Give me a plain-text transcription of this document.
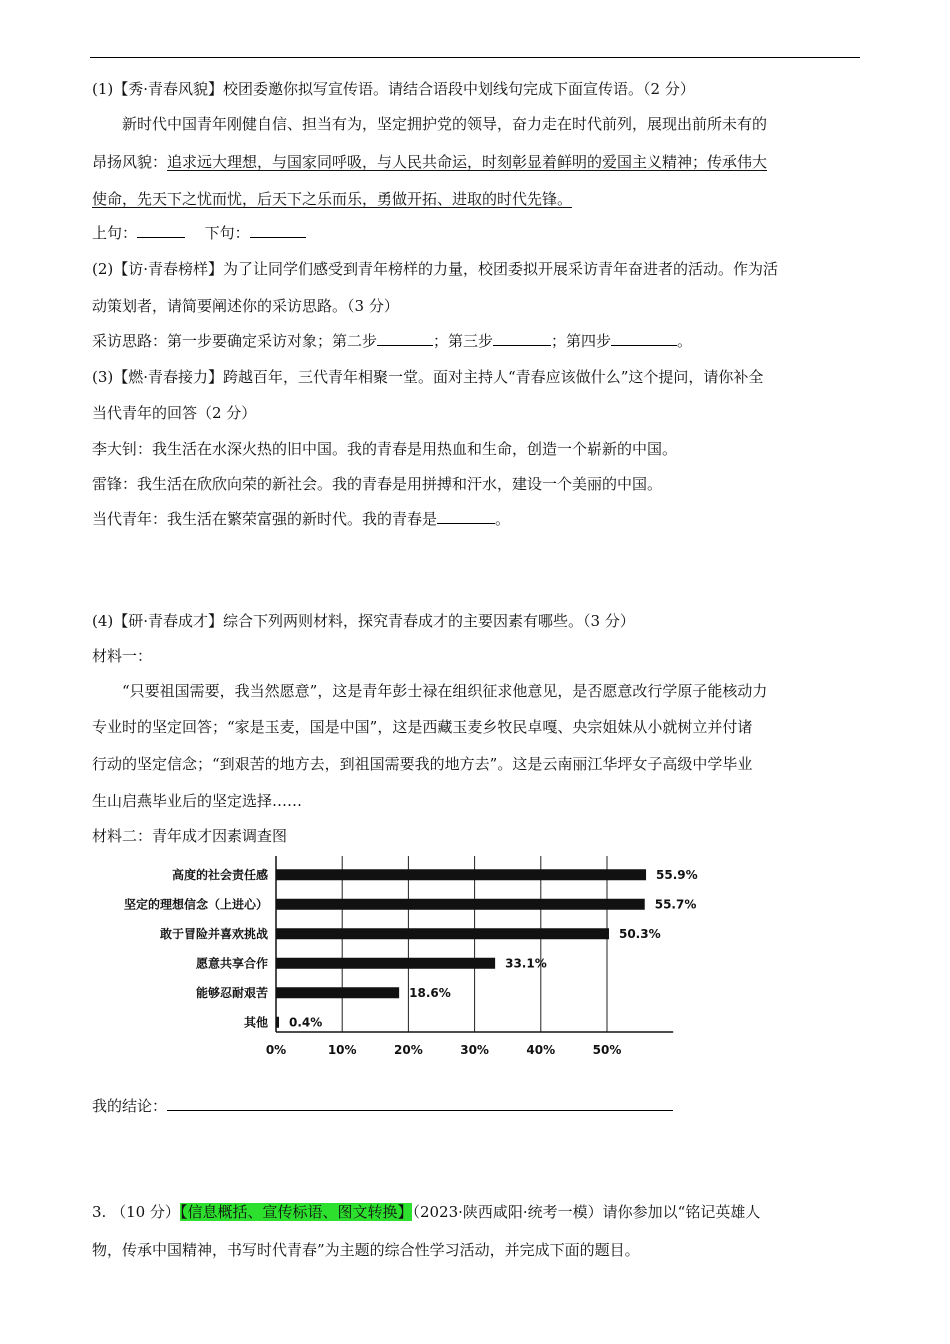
(1)【秀·青春风貌】校团委邀你拟写宣传语。请结合语段中划线句完成下面宣传语。（2 分）
新时代中国青年刚健自信、担当有为，坚定拥护党的领导，奋力走在时代前列，展现出前所未有的
昂扬风貌：追求远大理想，与国家同呼吸，与人民共命运，时刻彰显着鲜明的爱国主义精神；传承伟大
使命，先天下之忧而忧，后天下之乐而乐，勇做开拓、进取的时代先锋。
上句：	下句：
(2)【访·青春榜样】为了让同学们感受到青年榜样的力量，校团委拟开展采访青年奋进者的活动。作为活
动策划者，请简要阐述你的采访思路。（3 分）
采访思路：第一步要确定采访对象；第二步	；第三步	；第四步	。
(3)【燃·青春接力】跨越百年，三代青年相聚一堂。面对主持人“青春应该做什么”这个提问，请你补全
当代青年的回答（2 分）
李大钊：我生活在水深火热的旧中国。我的青春是用热血和生命，创造一个崭新的中国。
雷锋：我生活在欣欣向荣的新社会。我的青春是用拼搏和汗水，建设一个美丽的中国。
当代青年：我生活在繁荣富强的新时代。我的青春是	。
(4)【研·青春成才】综合下列两则材料，探究青春成才的主要因素有哪些。（3 分）
材料一：
“只要祖国需要，我当然愿意”，这是青年彭士禄在组织征求他意见，是否愿意改行学原子能核动力
专业时的坚定回答；“家是玉麦，国是中国”，这是西藏玉麦乡牧民卓嘎、央宗姐妹从小就树立并付诸
行动的坚定信念；“到艰苦的地方去，到祖国需要我的地方去”。这是云南丽江华坪女子高级中学毕业
生山启燕毕业后的坚定选择……
材料二：青年成才因素调查图
0%	10%	20%	30%	40%	50%
高度的社会责任感	55.9%
坚定的理想信念（上进心）	55.7%
敢于冒险并喜欢挑战	50.3%
愿意共享合作	33.1%
能够忍耐艰苦	18.6%
其他 0.4%
我的结论：
3. （10 分）【信息概括、宣传标语、图文转换】（2023·陕西咸阳·统考一模）请你参加以“铭记英雄人
物，传承中国精神，书写时代青春”为主题的综合性学习活动，并完成下面的题目。
